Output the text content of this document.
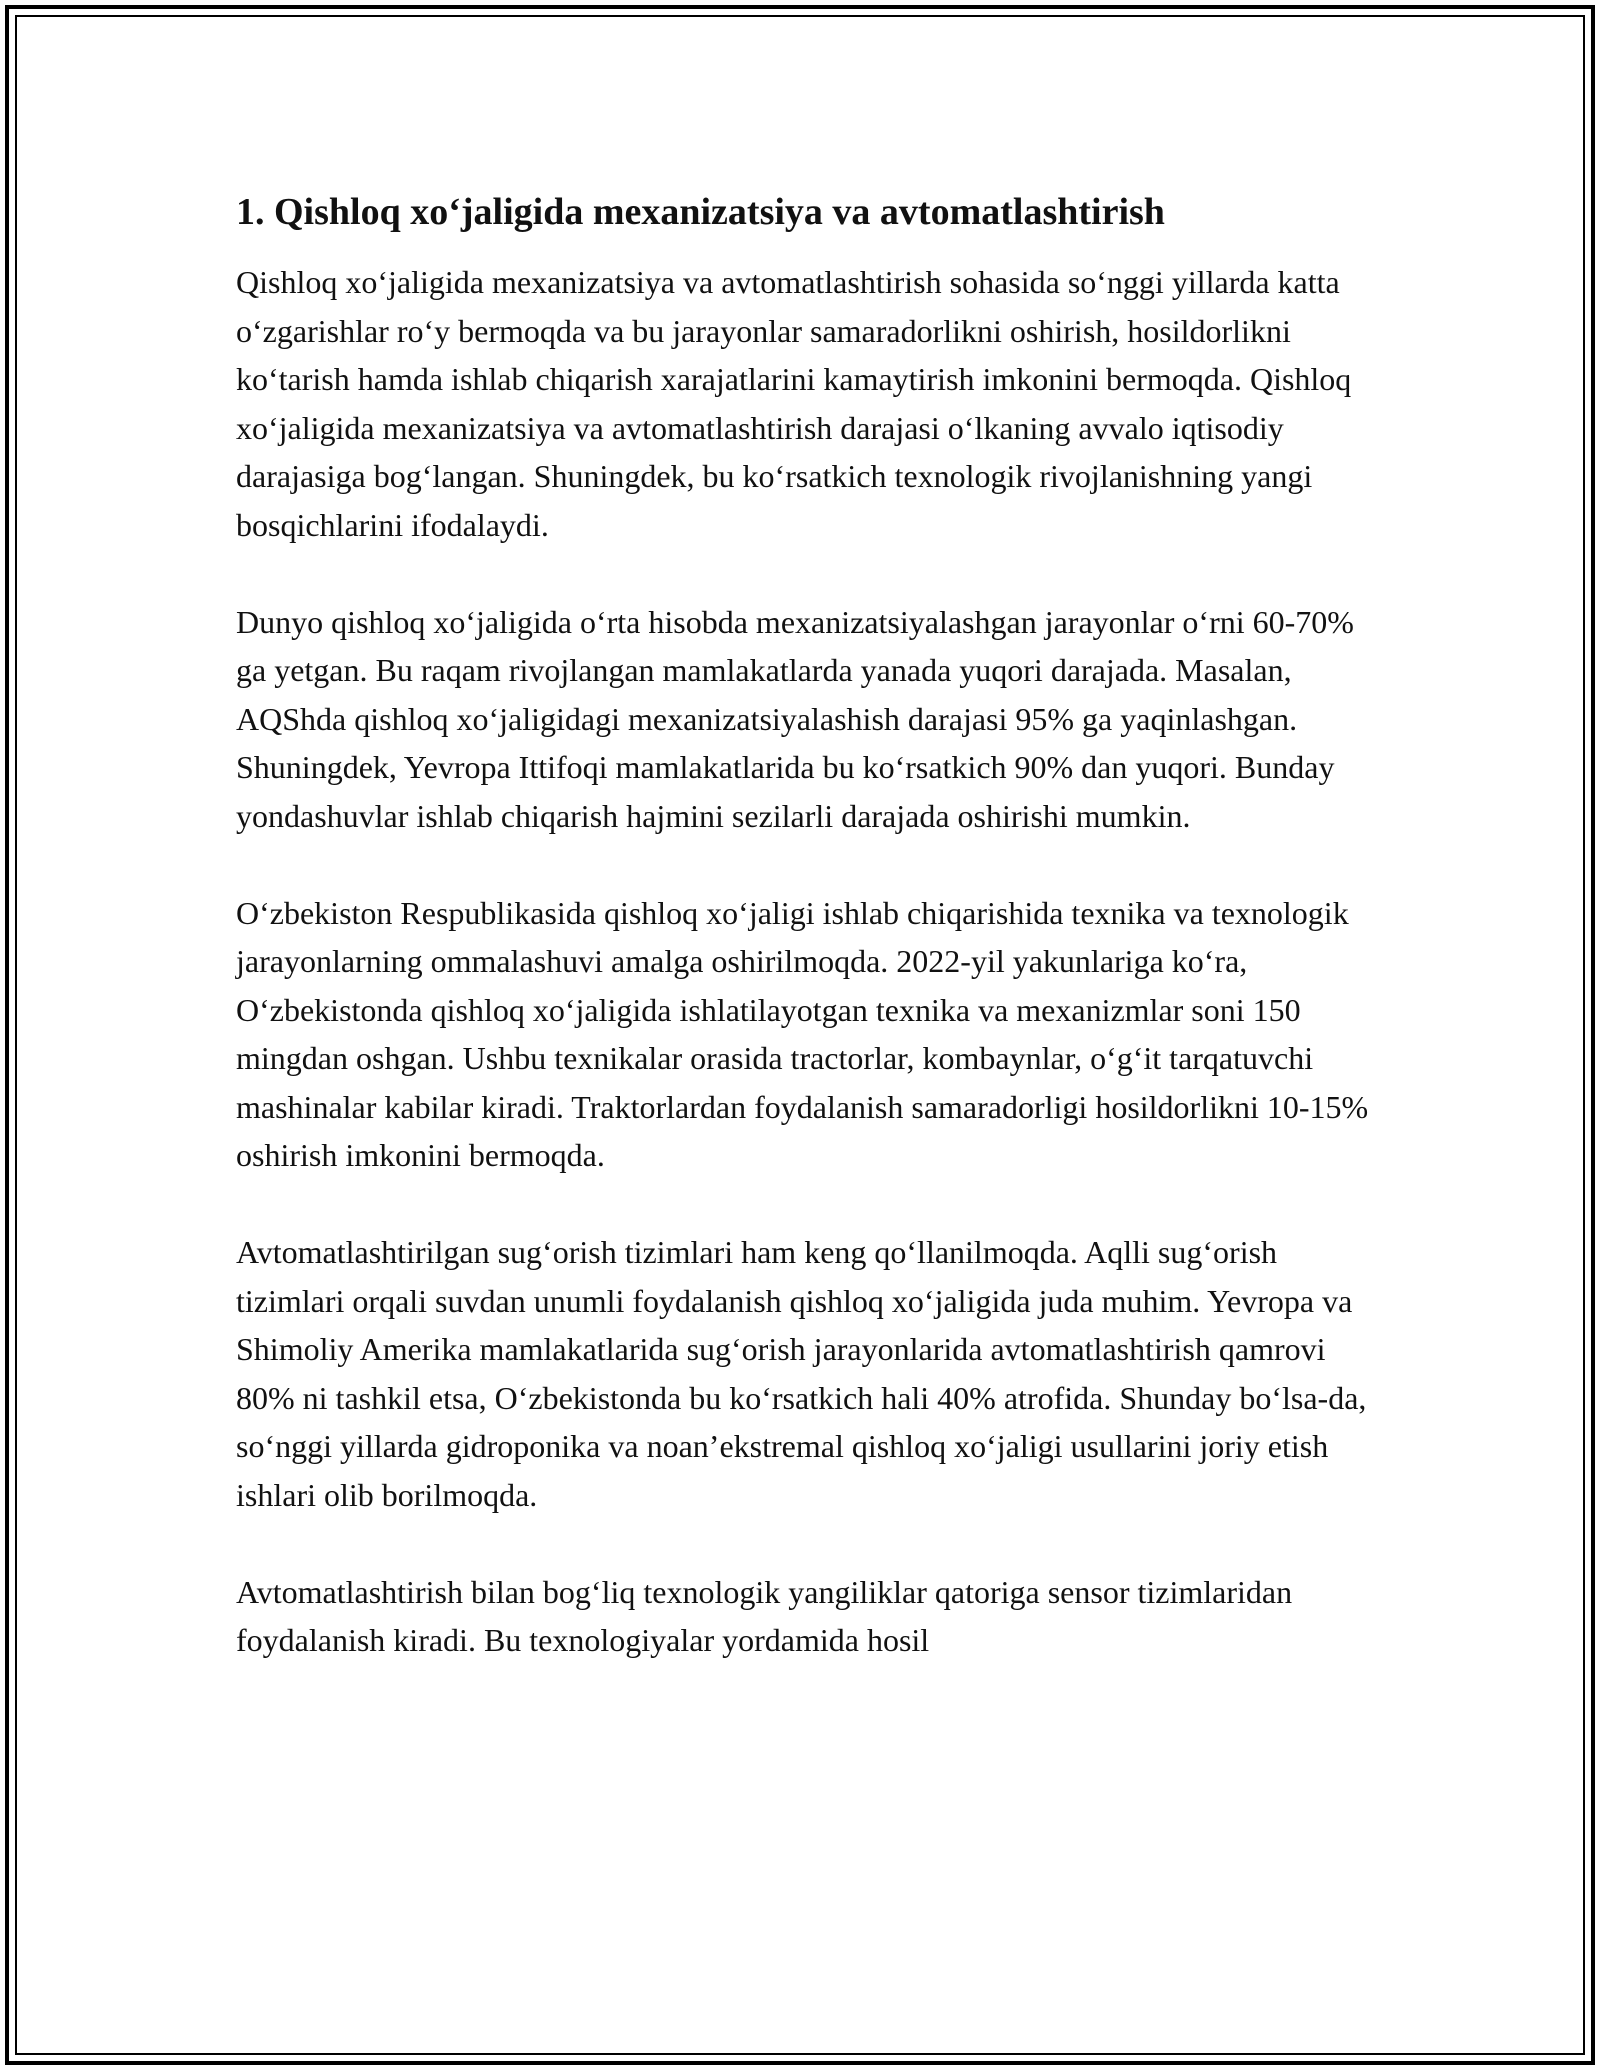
1. Qishloq xo‘jaligida mexanizatsiya va avtomatlashtirish

Qishloq xo‘jaligida mexanizatsiya va avtomatlashtirish sohasida so‘nggi yillarda katta o‘zgarishlar ro‘y bermoqda va bu jarayonlar samaradorlikni oshirish, hosildorlikni ko‘tarish hamda ishlab chiqarish xarajatlarini kamaytirish imkonini bermoqda. Qishloq xo‘jaligida mexanizatsiya va avtomatlashtirish darajasi o‘lkaning avvalo iqtisodiy darajasiga bog‘langan. Shuningdek, bu ko‘rsatkich texnologik rivojlanishning yangi bosqichlarini ifodalaydi.

Dunyo qishloq xo‘jaligida o‘rta hisobda mexanizatsiyalashgan jarayonlar o‘rni 60-70% ga yetgan. Bu raqam rivojlangan mamlakatlarda yanada yuqori darajada. Masalan, AQShda qishloq xo‘jaligidagi mexanizatsiyalashish darajasi 95% ga yaqinlashgan. Shuningdek, Yevropa Ittifoqi mamlakatlarida bu ko‘rsatkich 90% dan yuqori. Bunday yondashuvlar ishlab chiqarish hajmini sezilarli darajada oshirishi mumkin.

O‘zbekiston Respublikasida qishloq xo‘jaligi ishlab chiqarishida texnika va texnologik jarayonlarning ommalashuvi amalga oshirilmoqda. 2022-yil yakunlariga ko‘ra, O‘zbekistonda qishloq xo‘jaligida ishlatilayotgan texnika va mexanizmlar soni 150 mingdan oshgan. Ushbu texnikalar orasida tractorlar, kombaynlar, o‘g‘it tarqatuvchi mashinalar kabilar kiradi. Traktorlardan foydalanish samaradorligi hosildorlikni 10-15% oshirish imkonini bermoqda.

Avtomatlashtirilgan sug‘orish tizimlari ham keng qo‘llanilmoqda. Aqlli sug‘orish tizimlari orqali suvdan unumli foydalanish qishloq xo‘jaligida juda muhim. Yevropa va Shimoliy Amerika mamlakatlarida sug‘orish jarayonlarida avtomatlashtirish qamrovi 80% ni tashkil etsa, O‘zbekistonda bu ko‘rsatkich hali 40% atrofida. Shunday bo‘lsa-da, so‘nggi yillarda gidroponika va noan’ekstremal qishloq xo‘jaligi usullarini joriy etish ishlari olib borilmoqda.

Avtomatlashtirish bilan bog‘liq texnologik yangiliklar qatoriga sensor tizimlaridan foydalanish kiradi. Bu texnologiyalar yordamida hosil
